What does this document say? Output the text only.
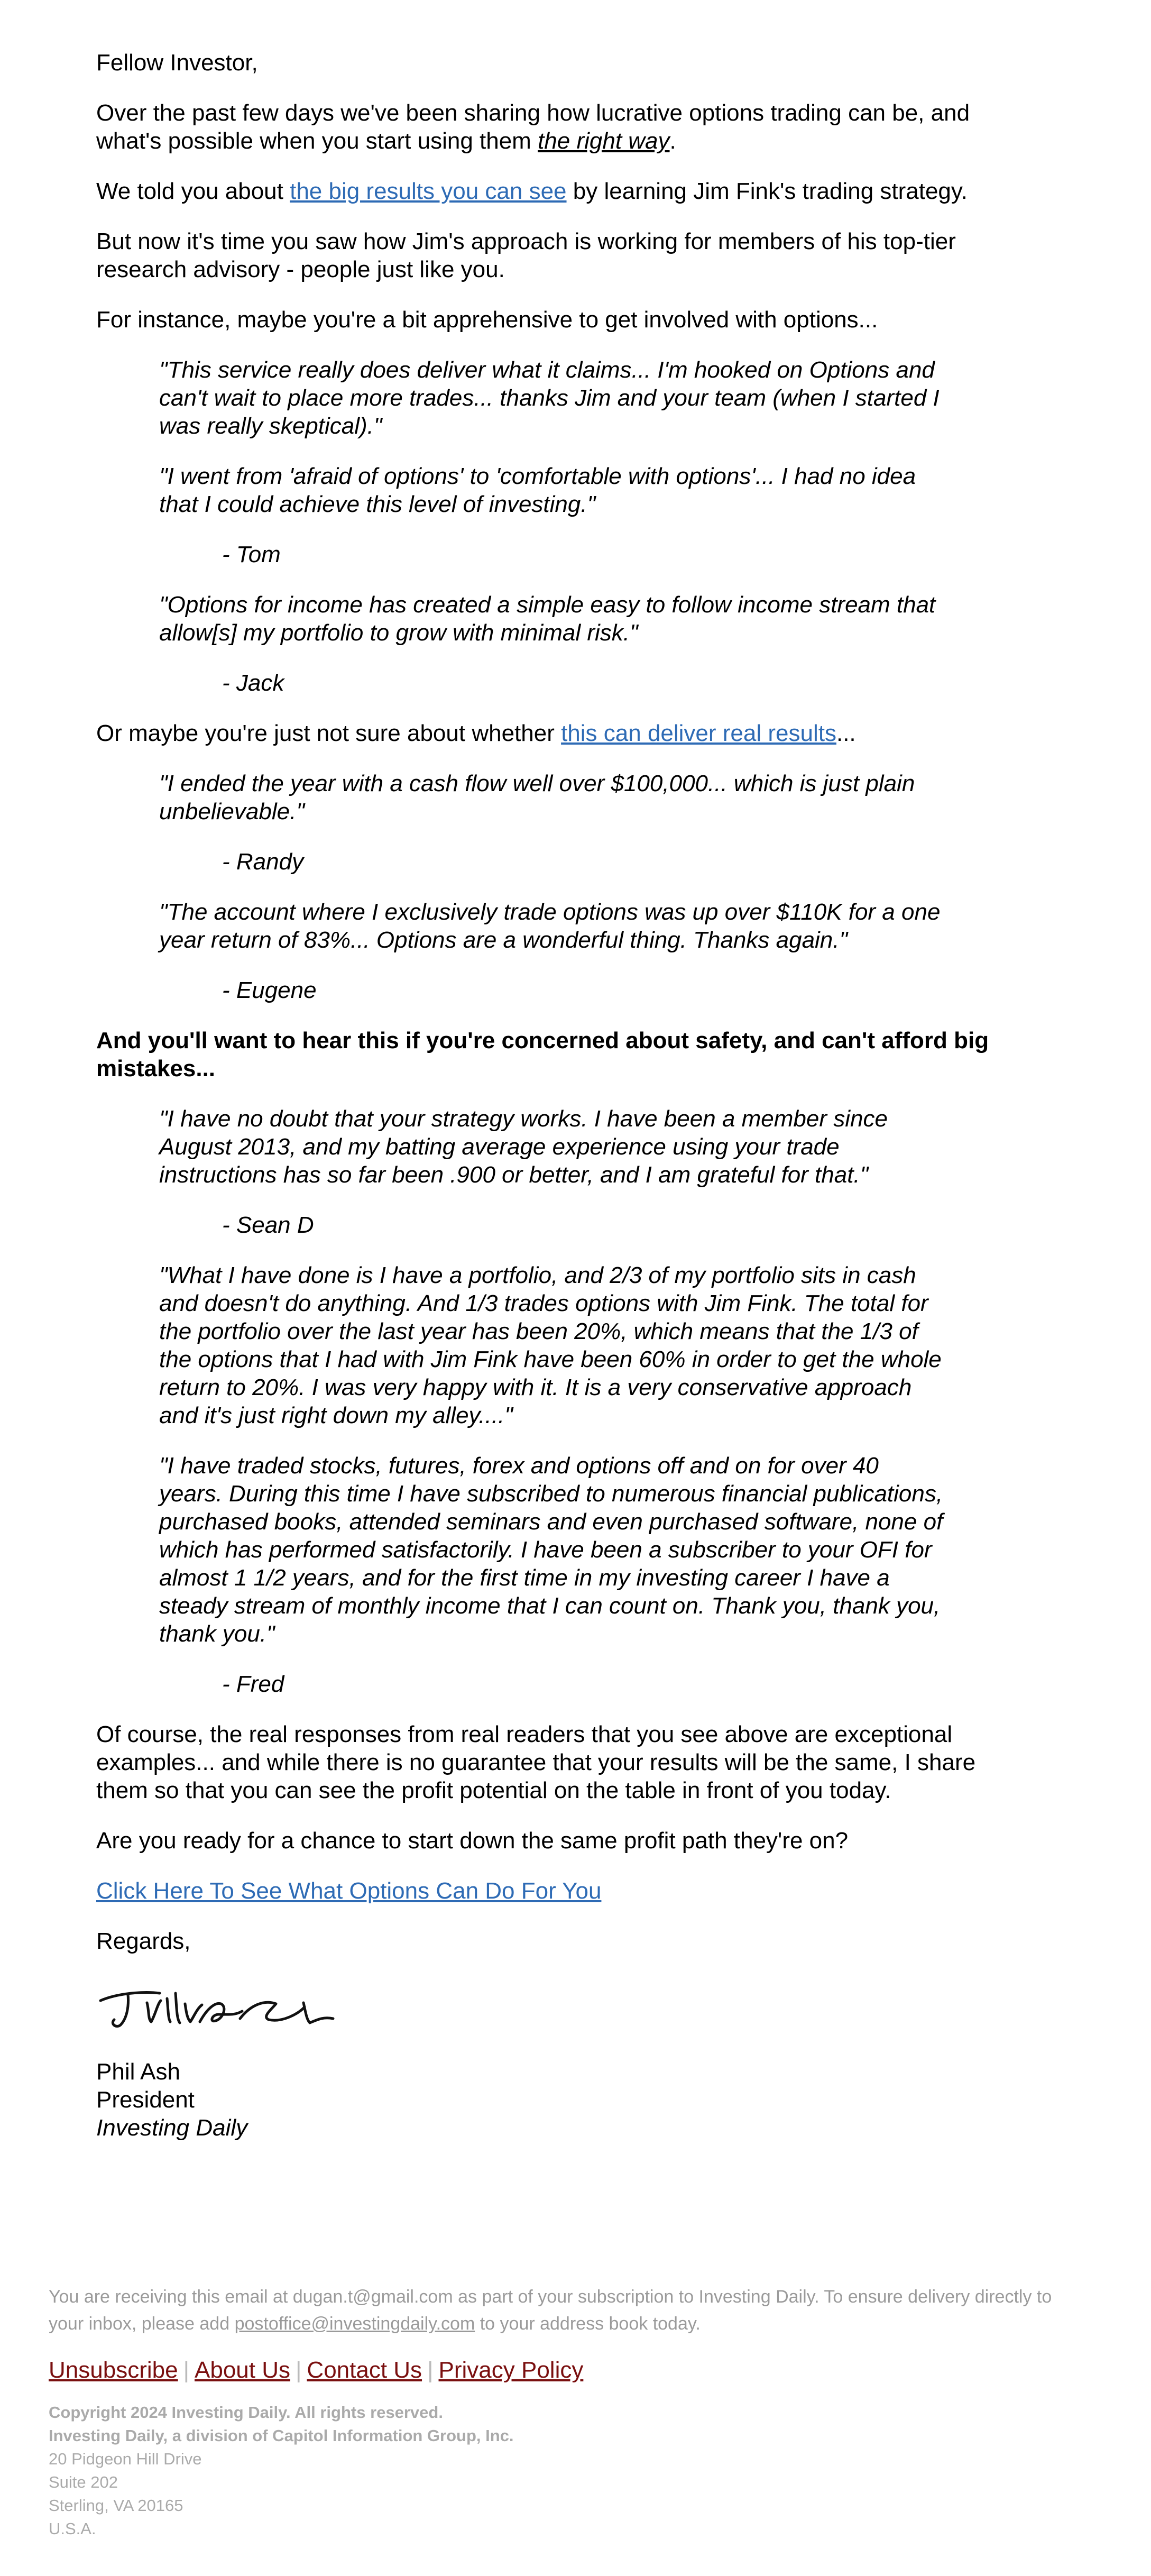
Fellow Investor,

Over the past few days we've been sharing how lucrative options trading can be, and what's possible when you start using them the right way.

We told you about the big results you can see by learning Jim Fink's trading strategy.

But now it's time you saw how Jim's approach is working for members of his top-tier research advisory - people just like you.

For instance, maybe you're a bit apprehensive to get involved with options...

"This service really does deliver what it claims... I'm hooked on Options and can't wait to place more trades... thanks Jim and your team (when I started I was really skeptical)."

"I went from 'afraid of options' to 'comfortable with options'... I had no idea that I could achieve this level of investing."

- Tom

"Options for income has created a simple easy to follow income stream that allow[s] my portfolio to grow with minimal risk."

- Jack

Or maybe you're just not sure about whether this can deliver real results...

"I ended the year with a cash flow well over $100,000... which is just plain unbelievable."

- Randy

"The account where I exclusively trade options was up over $110K for a one year return of 83%... Options are a wonderful thing. Thanks again."

- Eugene

And you'll want to hear this if you're concerned about safety, and can't afford big mistakes...

"I have no doubt that your strategy works. I have been a member since August 2013, and my batting average experience using your trade instructions has so far been .900 or better, and I am grateful for that."

- Sean D

"What I have done is I have a portfolio, and 2/3 of my portfolio sits in cash and doesn't do anything. And 1/3 trades options with Jim Fink. The total for the portfolio over the last year has been 20%, which means that the 1/3 of the options that I had with Jim Fink have been 60% in order to get the whole return to 20%. I was very happy with it. It is a very conservative approach and it's just right down my alley...."

"I have traded stocks, futures, forex and options off and on for over 40 years. During this time I have subscribed to numerous financial publications, purchased books, attended seminars and even purchased software, none of which has performed satisfactorily. I have been a subscriber to your OFI for almost 1 1/2 years, and for the first time in my investing career I have a steady stream of monthly income that I can count on. Thank you, thank you, thank you."

- Fred

Of course, the real responses from real readers that you see above are exceptional examples... and while there is no guarantee that your results will be the same, I share them so that you can see the profit potential on the table in front of you today.

Are you ready for a chance to start down the same profit path they're on?

Click Here To See What Options Can Do For You

Regards,

Phil Ash

President

Investing Daily

You are receiving this email at dugan.t@gmail.com as part of your subscription to Investing Daily. To ensure delivery directly to your inbox, please add postoffice@investingdaily.com to your address book today.

Unsubscribe | About Us | Contact Us | Privacy Policy
Copyright 2024 Investing Daily. All rights reserved.
Investing Daily, a division of Capitol Information Group, Inc.
20 Pidgeon Hill Drive
Suite 202
Sterling, VA 20165
U.S.A.
